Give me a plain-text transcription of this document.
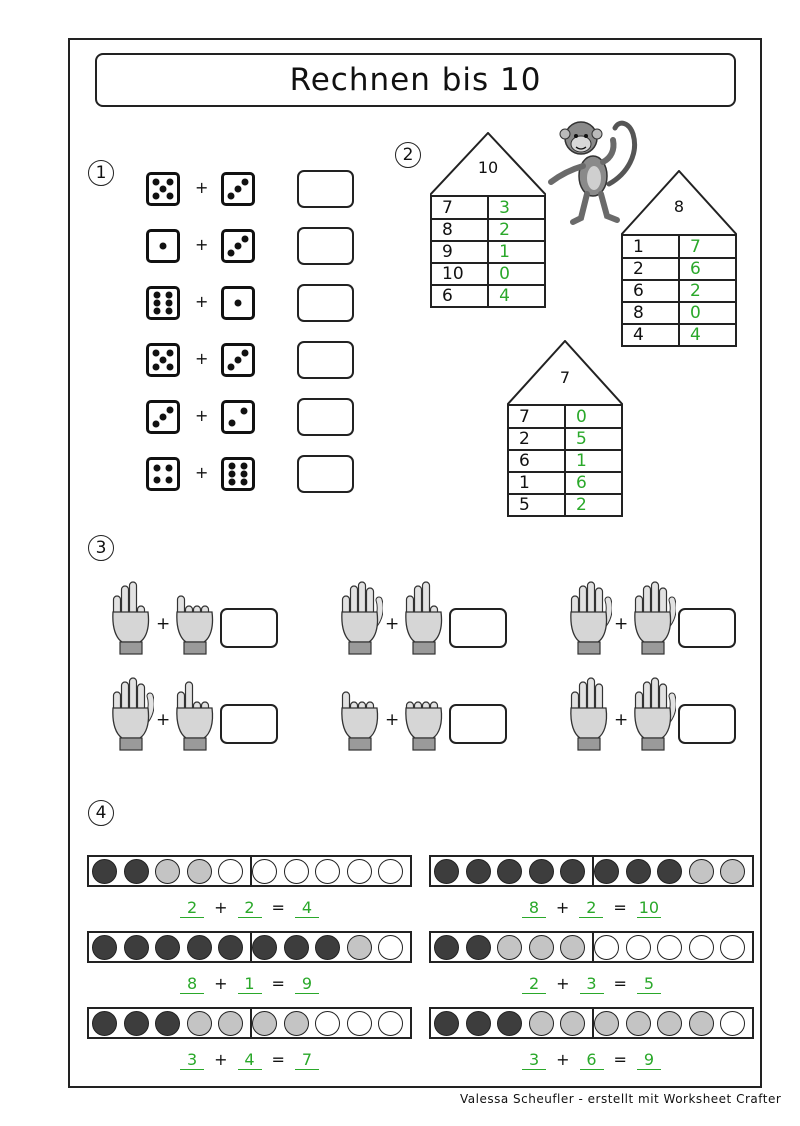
Rechnen bis 10
1
+
+
+
+
+
+
2
10
7	3
8	2
9	1
10	0
6	4
8
1	7
2	6
6	2
8	0
4	4
7
7	0
2	5
6	1
1	6
5	2
3
+	+	+
+	+	+
4
2 + 2 = 4	8 + 2 = 10
8 + 1 = 9	2 + 3 = 5
3 + 4 = 7	3 + 6 = 9
Valessa Scheufler - erstellt mit Worksheet Crafter
